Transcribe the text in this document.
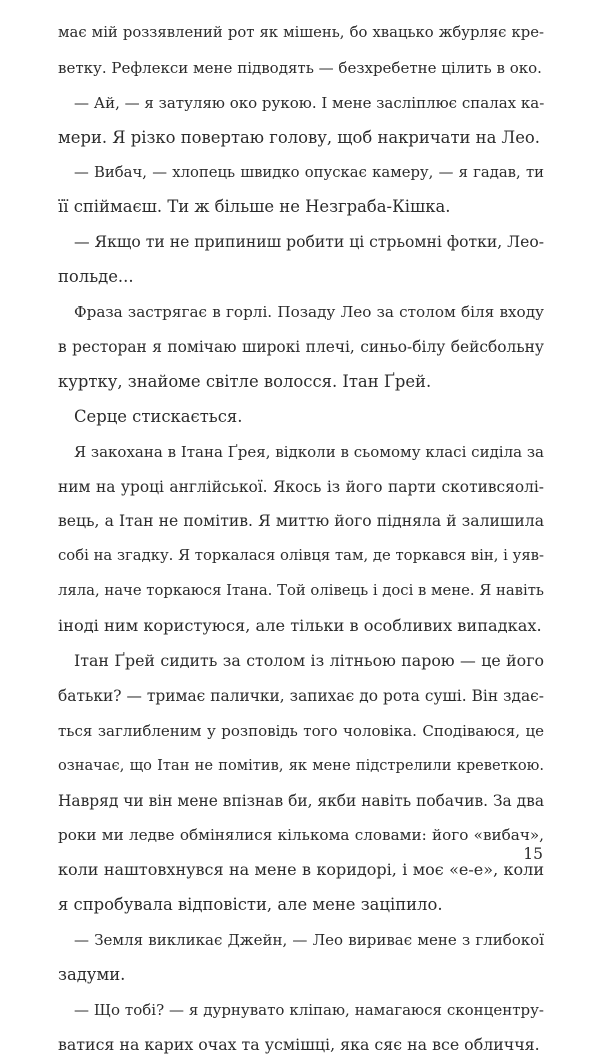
має мій роззявлений рот як мішень, бо хвацько жбурляє кре-
ветку. Рефлекси мене підводять — безхребетне цілить в око.
— Ай, — я затуляю око рукою. І мене засліплює спалах ка-
мери. Я різко повертаю голову, щоб накричати на Лео.
— Вибач, — хлопець швидко опускає камеру, — я гадав, ти
її спіймаєш. Ти ж більше не Незграба-Кішка.
— Якщо ти не припиниш робити ці стрьомні фотки, Лео-
польде...
Фраза застрягає в горлі. Позаду Лео за столом біля входу
в ресторан я помічаю широкі плечі, синьо-білу бейсбольну
куртку, знайоме світле волосся. Ітан Ґрей.
Серце стискається.
Я закохана в Ітана Ґрея, відколи в сьомому класі сиділа за
ним на уроці англійської. Якось із його парти скотивсяолі-
вець, а Ітан не помітив. Я миттю його підняла й залишила
собі на згадку. Я торкалася олівця там, де торкався він, і уяв-
ляла, наче торкаюся Ітана. Той олівець і досі в мене. Я навіть
іноді ним користуюся, але тільки в особливих випадках.
Ітан Ґрей сидить за столом із літньою парою — це його
батьки? — тримає палички, запихає до рота суші. Він здає-
ться заглибленим у розповідь того чоловіка. Сподіваюся, це
означає, що Ітан не помітив, як мене підстрелили креветкою.
Навряд чи він мене впізнав би, якби навіть побачив. За два
роки ми ледве обмінялися кількома словами: його «вибач»,
коли наштовхнувся на мене в коридорі, і моє «е-е», коли
я спробувала відповісти, але мене заціпило.
— Земля викликає Джейн, — Лео вириває мене з глибокої
задуми.
— Що тобі? — я дурнувато кліпаю, намагаюся сконцентру-
ватися на карих очах та усмішці, яка сяє на все обличчя.
15
